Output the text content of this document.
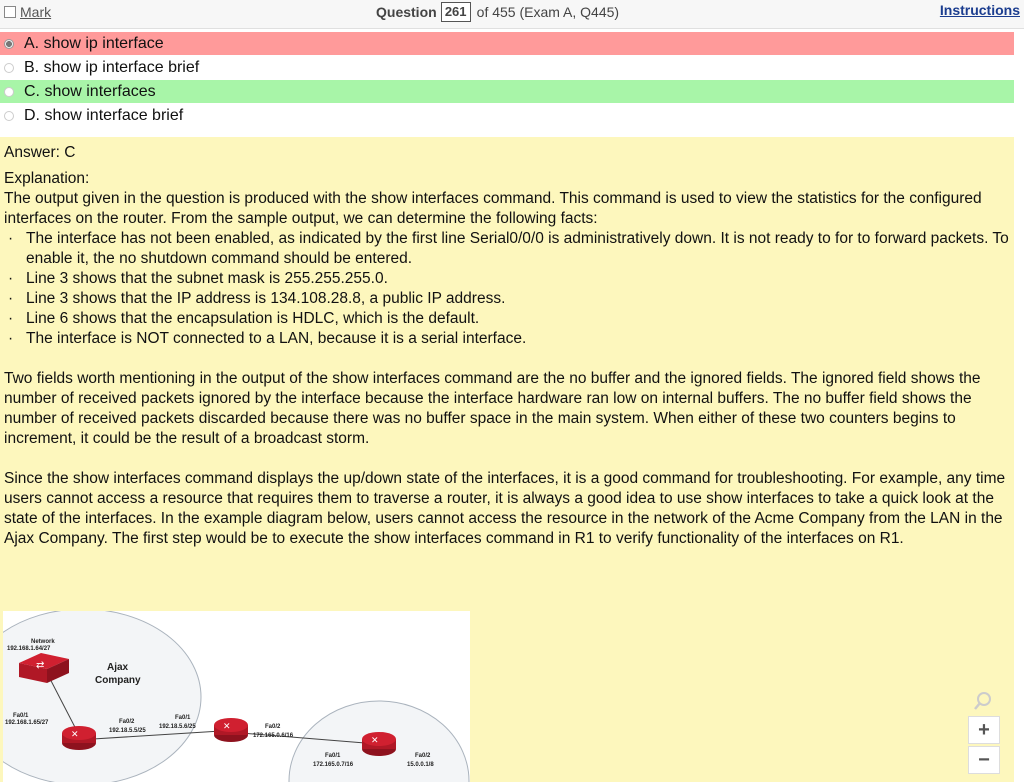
Mark	Question 261 of 455 (Exam A, Q445)	Instructions
A. show ip interface
B. show ip interface brief
C. show interfaces
D. show interface brief

Answer: C

Explanation:

The output given in the question is produced with the show interfaces command. This command is used to view the statistics for the configured interfaces on the router. From the sample output, we can determine the following facts:

· The interface has not been enabled, as indicated by the first line Serial0/0/0 is administratively down. It is not ready to for to forward packets. To enable it, the no shutdown command should be entered.
· Line 3 shows that the subnet mask is 255.255.255.0.
· Line 3 shows that the IP address is 134.108.28.8, a public IP address.
· Line 6 shows that the encapsulation is HDLC, which is the default.
· The interface is NOT connected to a LAN, because it is a serial interface.

Two fields worth mentioning in the output of the show interfaces command are the no buffer and the ignored fields. The ignored field shows the number of received packets ignored by the interface because the interface hardware ran low on internal buffers. The no buffer field shows the number of received packets discarded because there was no buffer space in the main system. When either of these two counters begins to increment, it could be the result of a broadcast storm.

Since the show interfaces command displays the up/down state of the interfaces, it is a good command for troubleshooting. For example, any time users cannot access a resource that requires them to traverse a router, it is always a good idea to use show interfaces to take a quick look at the state of the interfaces. In the example diagram below, users cannot access the resource in the network of the Acme Company from the LAN in the Ajax Company. The first step would be to execute the show interfaces command in R1 to verify functionality of the interfaces on R1.

⇄
✕
✕
✕
Network
192.168.1.64/27
Ajax
Company
Fa0/1
192.168.1.65/27	Fa0/2
192.18.5.5/25
Fa0/1
192.18.5.6/25	Fa0/2
172.165.0.6/16
Fa0/1
172.165.0.7/16
Fa0/2
15.0.0.1/8
+
−
